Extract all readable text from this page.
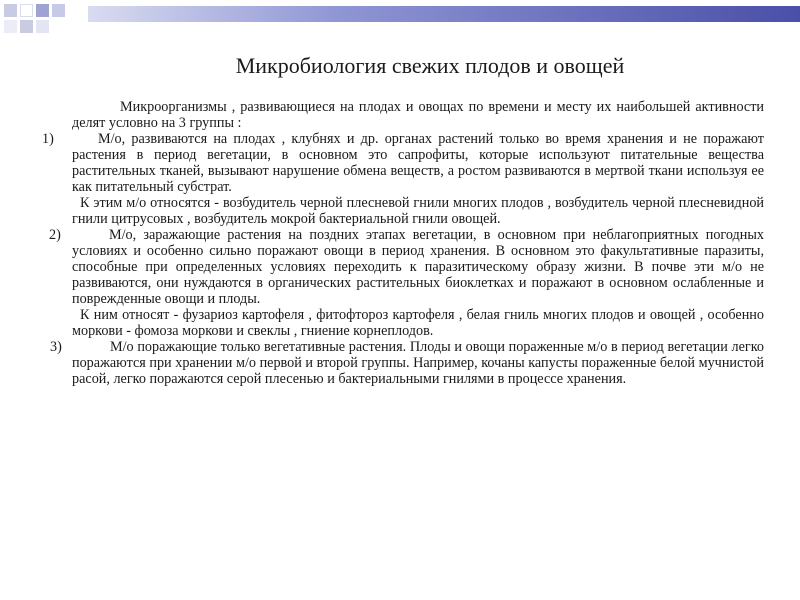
Микробиология свежих плодов и овощей

Микроорганизмы , развивающиеся на плодах и овощах по времени и месту их наибольшей активности делят условно на 3 группы :

1)	М/о, развиваются на плодах , клубнях и др. органах растений только во время хранения и не поражают растения в период вегетации, в основном это сапрофиты, которые используют питательные вещества растительных тканей, вызывают нарушение обмена веществ, а ростом развиваются в мертвой ткани используя ее как питательный субстрат.

К этим м/о относятся - возбудитель черной плесневой гнили многих плодов , возбудитель черной плесневидной гнили цитрусовых , возбудитель мокрой бактериальной гнили овощей.

2)	М/о, заражающие растения на поздних этапах вегетации, в основном при неблагоприятных погодных условиях и особенно сильно поражают овощи в период хранения. В основном это факультативные паразиты, способные при определенных условиях переходить к паразитическому образу жизни. В почве эти м/о не развиваются, они нуждаются в органических растительных биоклетках и поражают в основном ослабленные и поврежденные овощи и плоды.

К ним относят - фузариоз картофеля , фитофтороз картофеля , белая гниль многих плодов и овощей , особенно моркови - фомоза моркови и свеклы , гниение корнеплодов.

3)	М/о поражающие только вегетативные растения. Плоды и овощи пораженные м/о в период вегетации легко поражаются при хранении м/о первой и второй группы. Например, кочаны капусты пораженные белой мучнистой расой, легко поражаются серой плесенью и бактериальными гнилями в процессе хранения.
